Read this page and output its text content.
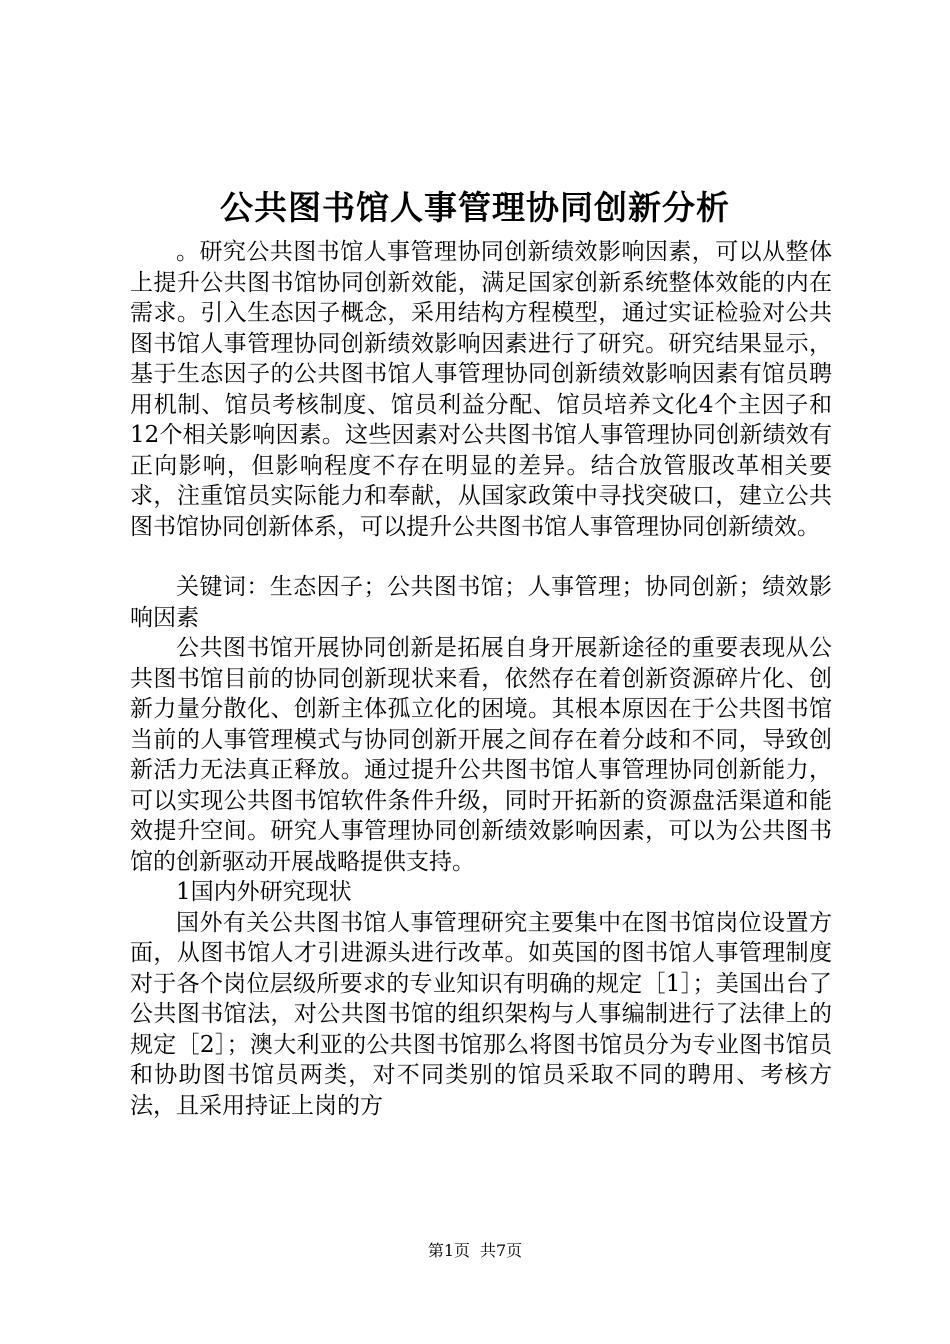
公共图书馆人事管理协同创新分析

。研究公共图书馆人事管理协同创新绩效影响因素，可以从整体上提升公共图书馆协同创新效能，满足国家创新系统整体效能的内在需求。引入生态因子概念，采用结构方程模型，通过实证检验对公共图书馆人事管理协同创新绩效影响因素进行了研究。研究结果显示，基于生态因子的公共图书馆人事管理协同创新绩效影响因素有馆员聘用机制、馆员考核制度、馆员利益分配、馆员培养文化4个主因子和12个相关影响因素。这些因素对公共图书馆人事管理协同创新绩效有正向影响，但影响程度不存在明显的差异。结合放管服改革相关要求，注重馆员实际能力和奉献，从国家政策中寻找突破口，建立公共图书馆协同创新体系，可以提升公共图书馆人事管理协同创新绩效。

关键词：生态因子；公共图书馆；人事管理；协同创新；绩效影响因素

公共图书馆开展协同创新是拓展自身开展新途径的重要表现从公共图书馆目前的协同创新现状来看，依然存在着创新资源碎片化、创新力量分散化、创新主体孤立化的困境。其根本原因在于公共图书馆当前的人事管理模式与协同创新开展之间存在着分歧和不同，导致创新活力无法真正释放。通过提升公共图书馆人事管理协同创新能力，可以实现公共图书馆软件条件升级，同时开拓新的资源盘活渠道和能效提升空间。研究人事管理协同创新绩效影响因素，可以为公共图书馆的创新驱动开展战略提供支持。

1国内外研究现状

国外有关公共图书馆人事管理研究主要集中在图书馆岗位设置方面，从图书馆人才引进源头进行改革。如英国的图书馆人事管理制度对于各个岗位层级所要求的专业知识有明确的规定［1］；美国出台了公共图书馆法，对公共图书馆的组织架构与人事编制进行了法律上的规定［2］；澳大利亚的公共图书馆那么将图书馆员分为专业图书馆员和协助图书馆员两类，对不同类别的馆员采取不同的聘用、考核方法，且采用持证上岗的方

第1页 共7页
